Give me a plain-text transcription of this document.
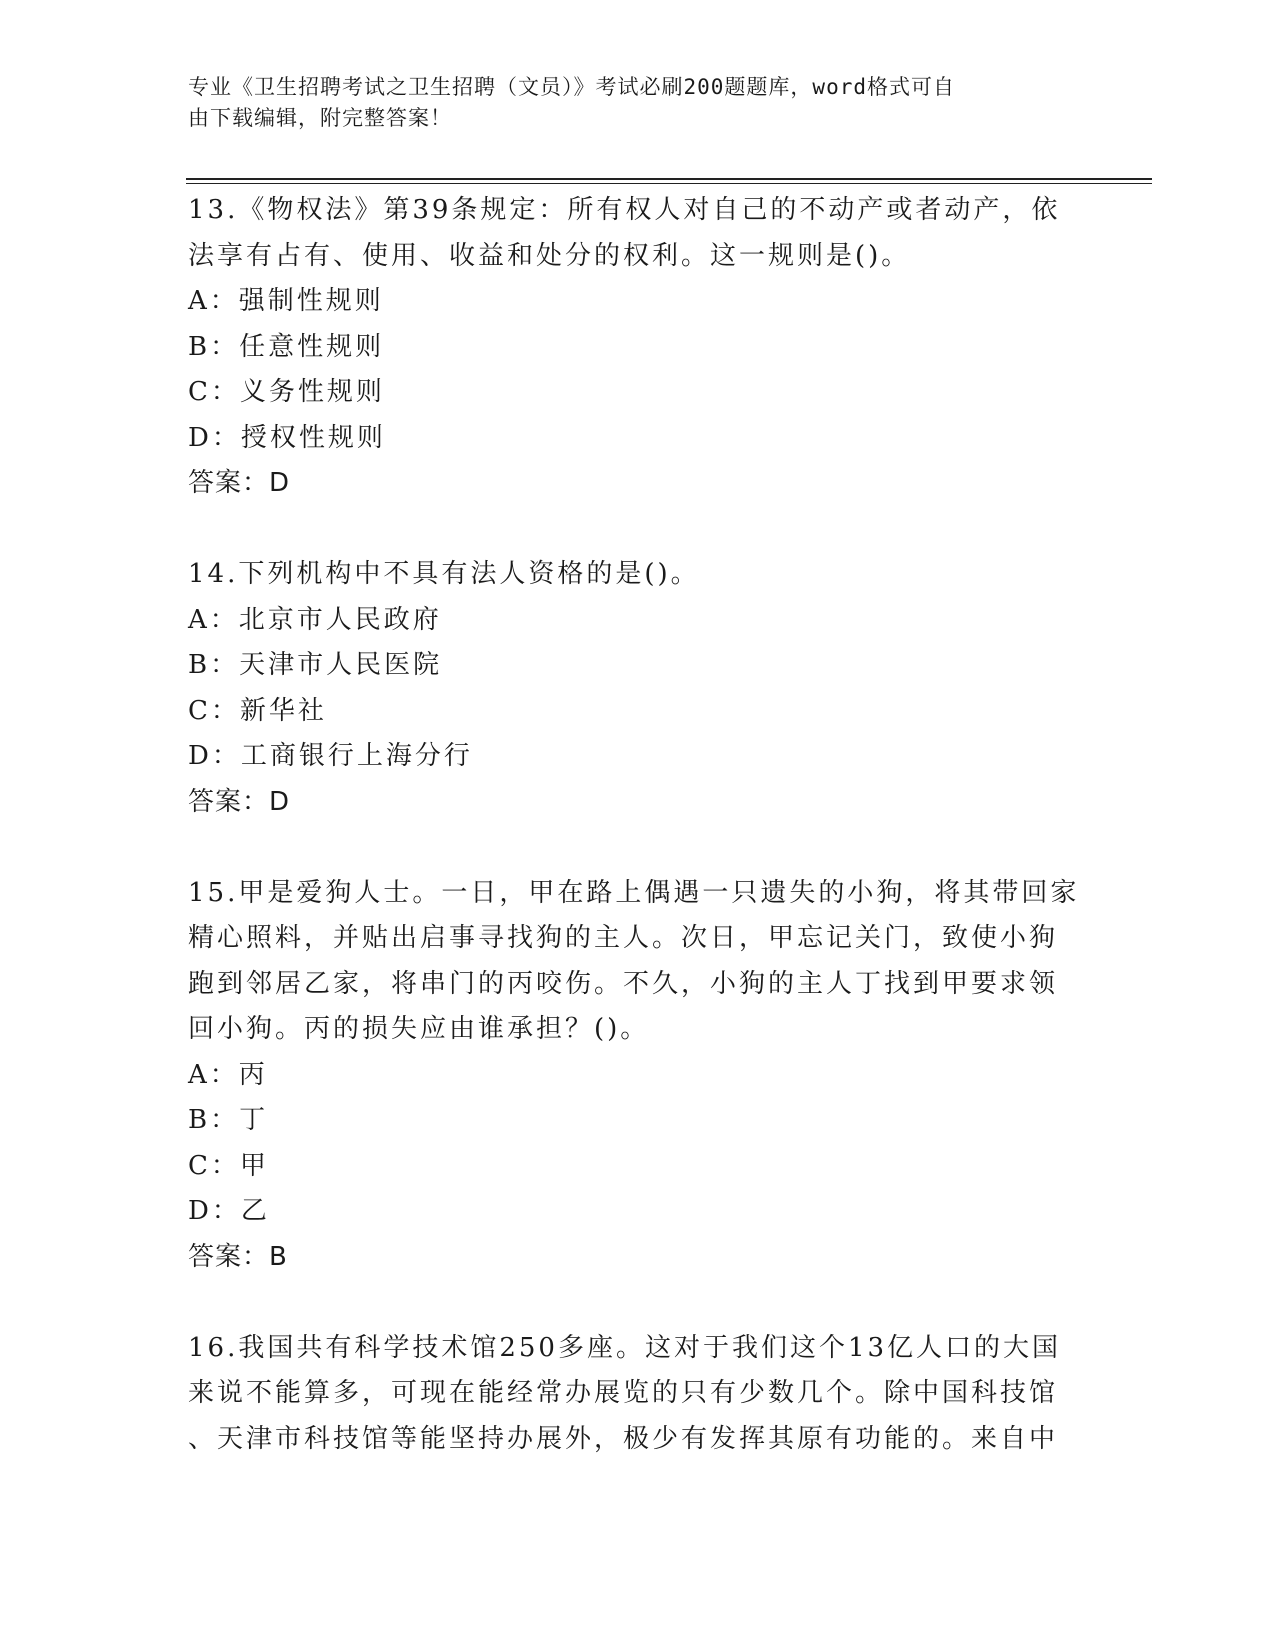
专业《卫生招聘考试之卫生招聘（文员）》考试必刷200题题库，word格式可自
由下载编辑，附完整答案！
13.《物权法》第39条规定：所有权人对自己的不动产或者动产，依
法享有占有、使用、收益和处分的权利。这一规则是()。
A：强制性规则
B：任意性规则
C：义务性规则
D：授权性规则
答案：D
14.下列机构中不具有法人资格的是()。
A：北京市人民政府
B：天津市人民医院
C：新华社
D：工商银行上海分行
答案：D
15.甲是爱狗人士。一日，甲在路上偶遇一只遗失的小狗，将其带回家
精心照料，并贴出启事寻找狗的主人。次日，甲忘记关门，致使小狗
跑到邻居乙家，将串门的丙咬伤。不久，小狗的主人丁找到甲要求领
回小狗。丙的损失应由谁承担？()。
A：丙
B：丁
C：甲
D：乙
答案：B
16.我国共有科学技术馆250多座。这对于我们这个13亿人口的大国
来说不能算多，可现在能经常办展览的只有少数几个。除中国科技馆
、天津市科技馆等能坚持办展外，极少有发挥其原有功能的。来自中
